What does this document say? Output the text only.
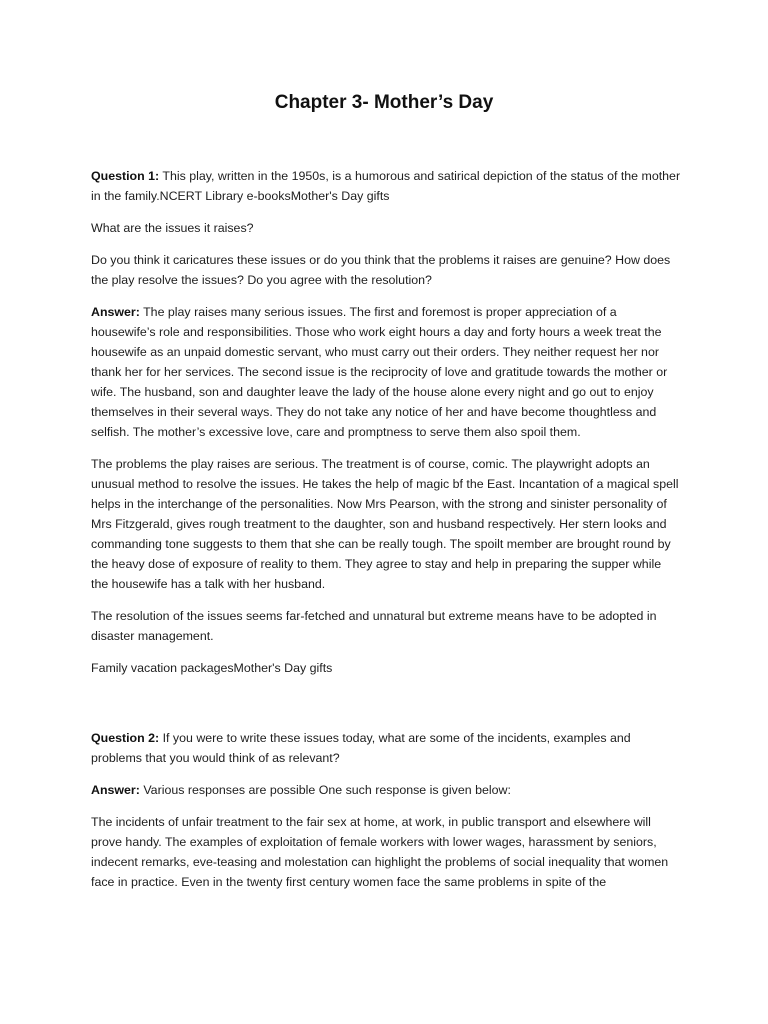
Chapter 3- Mother’s Day

Question 1: This play, written in the 1950s, is a humorous and satirical depiction of the status of the mother in the family.NCERT Library e-booksMother's Day gifts

What are the issues it raises?

Do you think it caricatures these issues or do you think that the problems it raises are genuine? How does the play resolve the issues? Do you agree with the resolution?

Answer: The play raises many serious issues. The first and foremost is proper appreciation of a housewife’s role and responsibilities. Those who work eight hours a day and forty hours a week treat the housewife as an unpaid domestic servant, who must carry out their orders. They neither request her nor thank her for her services. The second issue is the reciprocity of love and gratitude towards the mother or wife. The husband, son and daughter leave the lady of the house alone every night and go out to enjoy themselves in their several ways. They do not take any notice of her and have become thoughtless and selfish. The mother’s excessive love, care and promptness to serve them also spoil them.

The problems the play raises are serious. The treatment is of course, comic. The playwright adopts an unusual method to resolve the issues. He takes the help of magic bf the East. Incantation of a magical spell helps in the interchange of the personalities. Now Mrs Pearson, with the strong and sinister personality of Mrs Fitzgerald, gives rough treatment to the daughter, son and husband respectively. Her stern looks and commanding tone suggests to them that she can be really tough. The spoilt member are brought round by the heavy dose of exposure of reality to them. They agree to stay and help in preparing the supper while the housewife has a talk with her husband.

The resolution of the issues seems far-fetched and unnatural but extreme means have to be adopted in disaster management.

Family vacation packagesMother's Day gifts

Question 2: If you were to write these issues today, what are some of the incidents, examples and problems that you would think of as relevant?

Answer: Various responses are possible One such response is given below:

The incidents of unfair treatment to the fair sex at home, at work, in public transport and elsewhere will prove handy. The examples of exploitation of female workers with lower wages, harassment by seniors, indecent remarks, eve-teasing and molestation can highlight the problems of social inequality that women face in practice. Even in the twenty first century women face the same problems in spite of the
